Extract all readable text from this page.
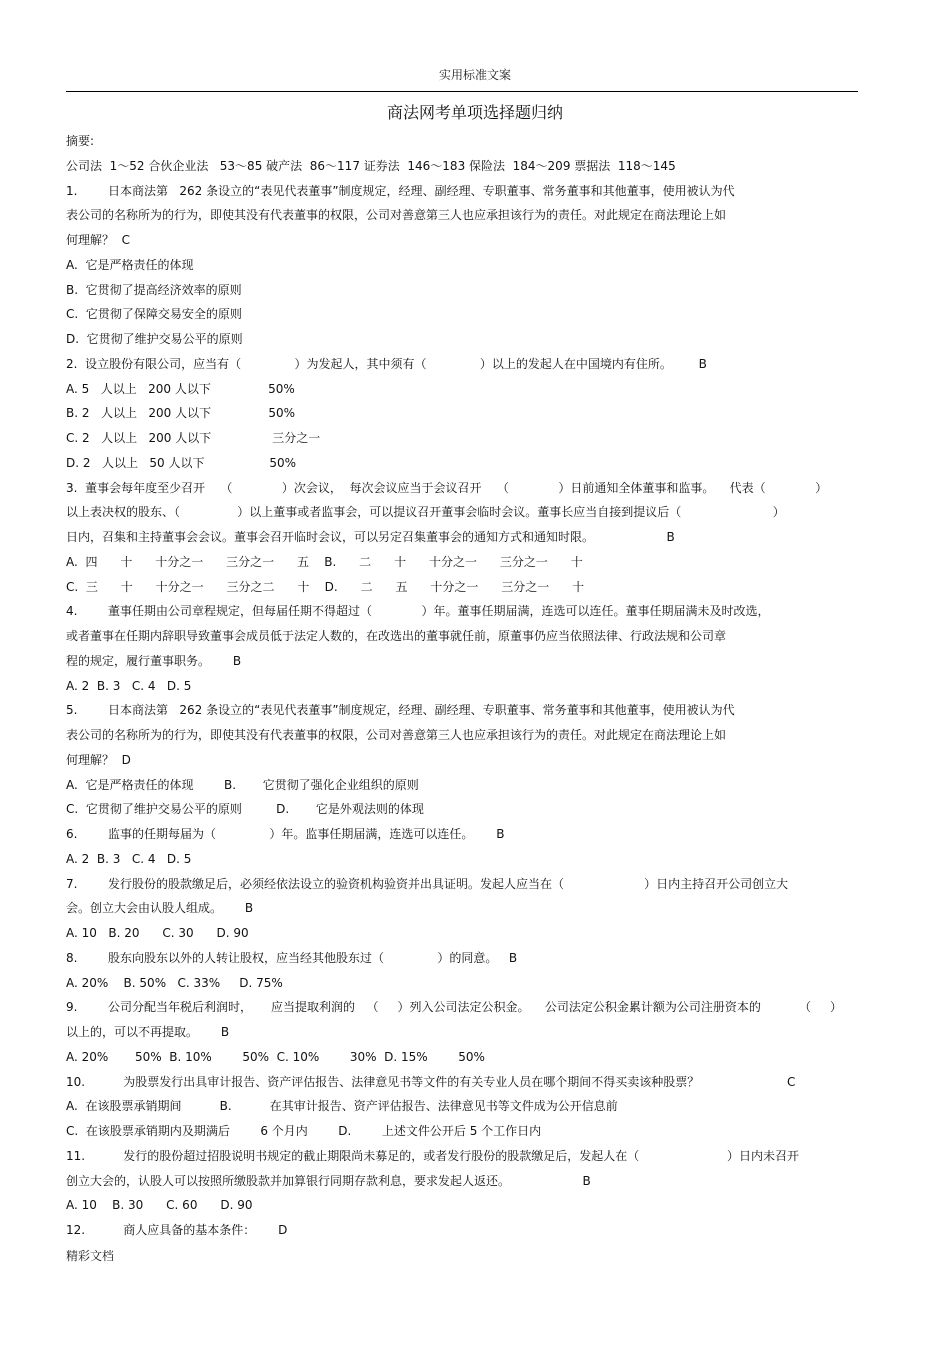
实用标准文案
商法网考单项选择题归纳
摘要:
公司法  1～52 合伙企业法   53～85 破产法  86～117 证券法  146～183 保险法  184～209 票据法  118～145
1.        日本商法第   262 条设立的“表见代表董事”制度规定，经理、副经理、专职董事、常务董事和其他董事，使用被认为代
表公司的名称所为的行为，即使其没有代表董事的权限，公司对善意第三人也应承担该行为的责任。对此规定在商法理论上如
何理解？  C
A.  它是严格责任的体现
B.  它贯彻了提高经济效率的原则
C.  它贯彻了保障交易安全的原则
D.  它贯彻了维护交易公平的原则
2.  设立股份有限公司，应当有（              ）为发起人，其中须有（              ）以上的发起人在中国境内有住所。       B
A. 5   人以上   200 人以下               50%
B. 2   人以上   200 人以下               50%
C. 2   人以上   200 人以下                三分之一
D. 2   人以上   50 人以下                 50%
3.  董事会每年度至少召开    （             ）次会议，  每次会议应当于会议召开    （             ）日前通知全体董事和监事。    代表（             ）
以上表决权的股东、（               ）以上董事或者监事会，可以提议召开董事会临时会议。董事长应当自接到提议后（                        ）
日内，召集和主持董事会会议。董事会召开临时会议，可以另定召集董事会的通知方式和通知时限。                   B
A.  四      十      十分之一      三分之一      五    B.      二      十      十分之一      三分之一      十
C.  三      十      十分之一      三分之二      十    D.      二      五      十分之一      三分之一      十
4.        董事任期由公司章程规定，但每届任期不得超过（             ）年。董事任期届满，连选可以连任。董事任期届满未及时改选，
或者董事在任期内辞职导致董事会成员低于法定人数的，在改选出的董事就任前，原董事仍应当依照法律、行政法规和公司章
程的规定，履行董事职务。      B
A. 2  B. 3   C. 4   D. 5
5.        日本商法第   262 条设立的“表见代表董事”制度规定，经理、副经理、专职董事、常务董事和其他董事，使用被认为代
表公司的名称所为的行为，即使其没有代表董事的权限，公司对善意第三人也应承担该行为的责任。对此规定在商法理论上如
何理解？  D
A.  它是严格责任的体现        B.       它贯彻了强化企业组织的原则
C.  它贯彻了维护交易公平的原则         D.       它是外观法则的体现
6.        监事的任期每届为（              ）年。监事任期届满，连选可以连任。      B
A. 2  B. 3   C. 4   D. 5
7.        发行股份的股款缴足后，必须经依法设立的验资机构验资并出具证明。发起人应当在（                     ）日内主持召开公司创立大
会。创立大会由认股人组成。      B
A. 10   B. 20      C. 30      D. 90
8.        股东向股东以外的人转让股权，应当经其他股东过（              ）的同意。   B
A. 20%    B. 50%   C. 33%     D. 75%
9.        公司分配当年税后利润时，     应当提取利润的   （     ）列入公司法定公积金。    公司法定公积金累计额为公司注册资本的          （     ）
以上的，可以不再提取。      B
A. 20%       50%  B. 10%        50%  C. 10%        30%  D. 15%        50%
10.          为股票发行出具审计报告、资产评估报告、法律意见书等文件的有关专业人员在哪个期间不得买卖该种股票？                       C
A.  在该股票承销期间          B.          在其审计报告、资产评估报告、法律意见书等文件成为公开信息前
C.  在该股票承销期内及期满后        6 个月内        D.        上述文件公开后 5 个工作日内
11.          发行的股份超过招股说明书规定的截止期限尚未募足的，或者发行股份的股款缴足后，发起人在（                       ）日内未召开
创立大会的，认股人可以按照所缴股款并加算银行同期存款利息，要求发起人返还。                   B
A. 10    B. 30      C. 60      D. 90
12.          商人应具备的基本条件：      D
精彩文档
